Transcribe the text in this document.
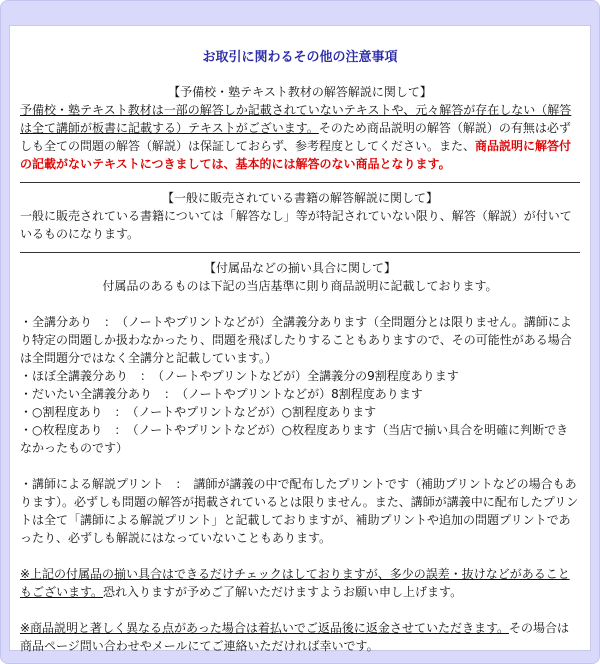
お取引に関わるその他の注意事項
【予備校・塾テキスト教材の解答解説に関して】

予備校・塾テキスト教材は一部の解答しか記載されていないテキストや、元々解答が存在しない（解答は全て講師が板書に記載する）テキストがございます。そのため商品説明の解答（解説）の有無は必ずしも全ての問題の解答（解説）は保証しておらず、参考程度としてください。また、商品説明に解答付の記載がないテキストにつきましては、基本的には解答のない商品となります。

【一般に販売されている書籍の解答解説に関して】

一般に販売されている書籍については「解答なし」等が特記されていない限り、解答（解説）が付いているものになります。

【付属品などの揃い具合に関して】

付属品のあるものは下記の当店基準に則り商品説明に記載しております。

・全講分あり　：　（ノートやプリントなどが）全講義分あります（全問題分とは限りません。講師により特定の問題しか扱わなかったり、問題を飛ばしたりすることもありますので、その可能性がある場合は全問題分ではなく全講分と記載しています。）

・ほぼ全講義分あり　：　（ノートやプリントなどが）全講義分の9割程度あります

・だいたい全講義分あり　：　（ノートやプリントなどが）8割程度あります

・○割程度あり　：　（ノートやプリントなどが）○割程度あります

・○枚程度あり　：　（ノートやプリントなどが）○枚程度あります（当店で揃い具合を明確に判断できなかったものです）

・講師による解説プリント　：　講師が講義の中で配布したプリントです（補助プリントなどの場合もあります）。必ずしも問題の解答が掲載されているとは限りません。また、講師が講義中に配布したプリントは全て「講師による解説プリント」と記載しておりますが、補助プリントや追加の問題プリントであったり、必ずしも解説にはなっていないこともあります。

※上記の付属品の揃い具合はできるだけチェックはしておりますが、多少の誤差・抜けなどがあることもございます。恐れ入りますが予めご了解いただけますようお願い申し上げます。

※商品説明と著しく異なる点があった場合は着払いでご返品後に返金させていただきます。その場合は商品ページ問い合わせやメールにてご連絡いただければ幸いです。
